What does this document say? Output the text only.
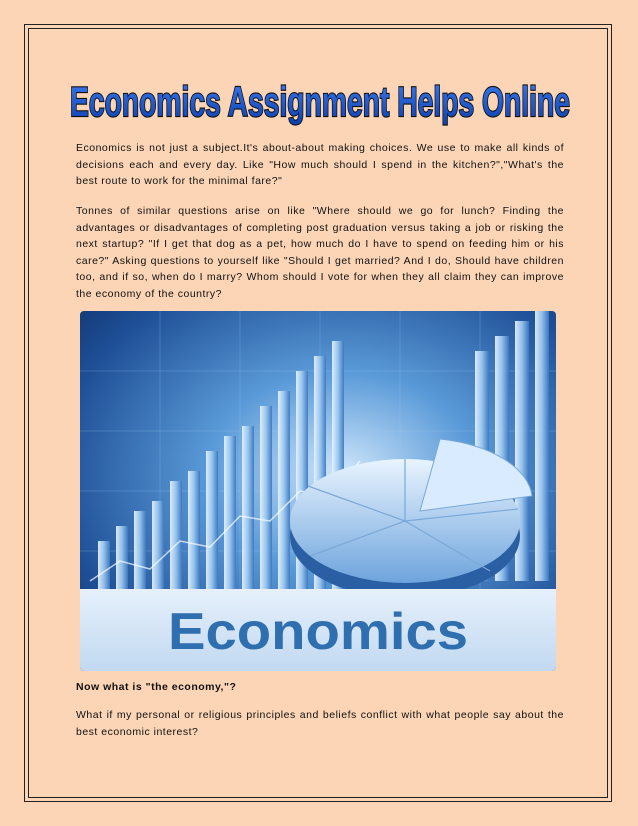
Economics Assignment Helps Online

Economics is not just a subject.It's about-about making choices. We use to make all kinds of decisions each and every day. Like "How much should I spend in the kitchen?","What's the best route to work for the minimal fare?"

Tonnes of similar questions arise on like "Where should we go for lunch? Finding the advantages or disadvantages of completing post graduation versus taking a job or risking the next startup? "If I get that dog as a pet, how much do I have to spend on feeding him or his care?" Asking questions to yourself like "Should I get married? And I do, Should have children too, and if so, when do I marry? Whom should I vote for when they all claim they can improve the economy of the country?

Economics

Now what is "the economy,"?

What if my personal or religious principles and beliefs conflict with what people say about the best economic interest?
